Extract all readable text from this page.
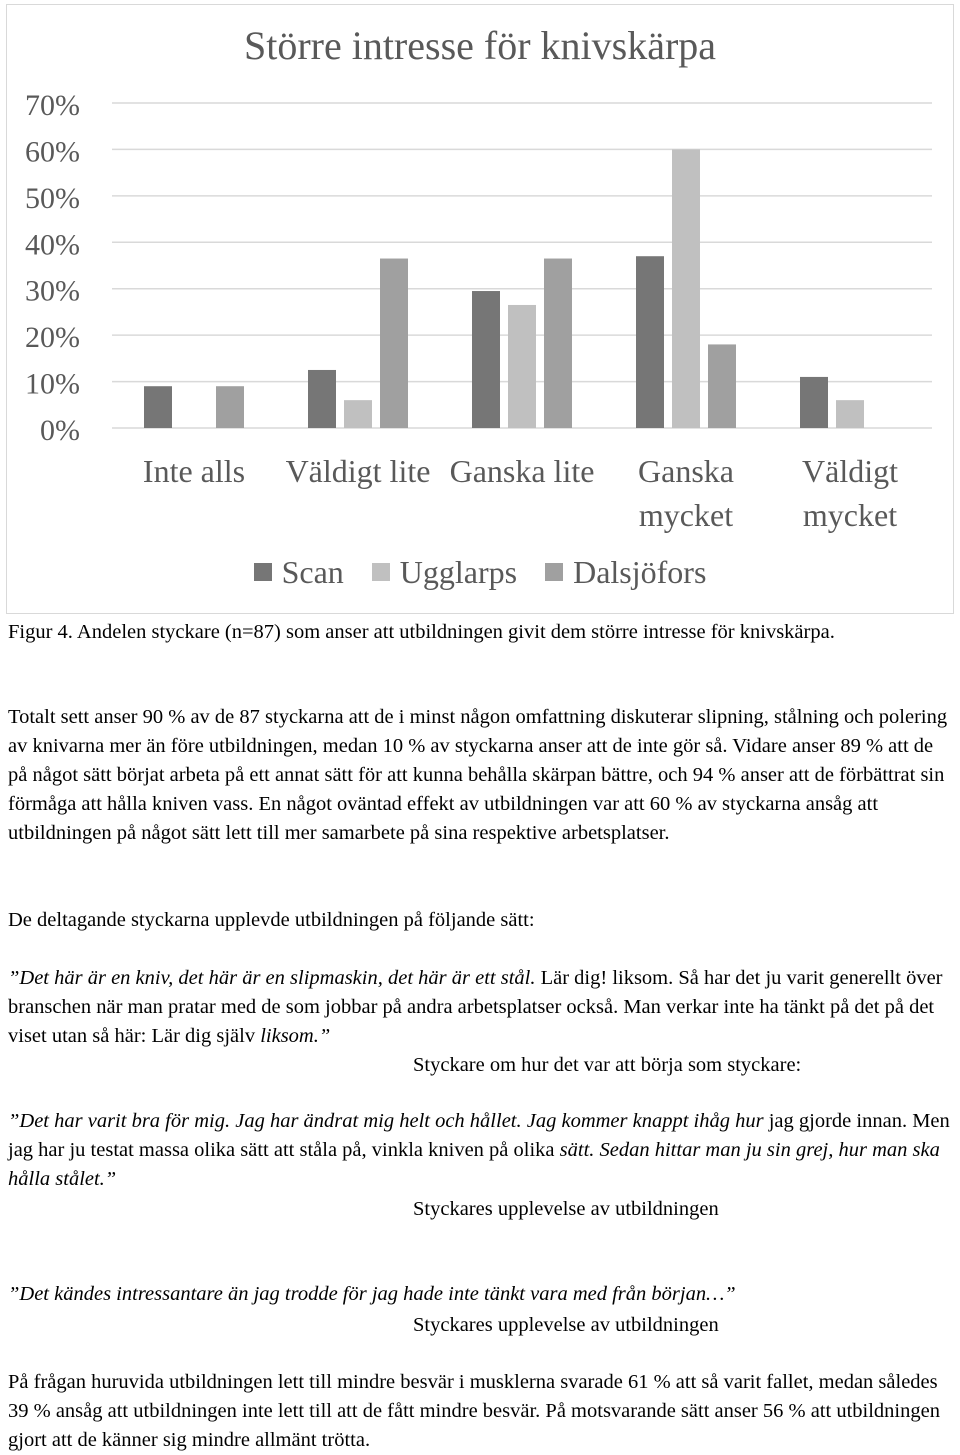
Större intresse för knivskärpa
0%
10%
20%
30%
40%
50%
60%
70%
Inte alls Väldigt lite Ganska lite Ganska
mycket
Väldigt
mycket
Scan Ugglarps Dalsjöfors
Figur 4. Andelen styckare (n=87) som anser att utbildningen givit dem större intresse för knivskärpa.
Totalt sett anser 90 % av de 87 styckarna att de i minst någon omfattning diskuterar slipning, stålning och polering av knivarna mer än före utbildningen, medan 10 % av styckarna anser att de inte gör så. Vidare anser 89 % att de på något sätt börjat arbeta på ett annat sätt för att kunna behålla skärpan bättre, och 94 % anser att de förbättrat sin förmåga att hålla kniven vass. En något oväntad effekt av utbildningen var att 60 % av styckarna ansåg att utbildningen på något sätt lett till mer samarbete på sina respektive arbetsplatser.
De deltagande styckarna upplevde utbildningen på följande sätt:
”Det här är en kniv, det här är en slipmaskin, det här är ett stål. Lär dig! liksom. Så har det ju varit generellt över branschen när man pratar med de som jobbar på andra arbetsplatser också. Man verkar inte ha tänkt på det på det viset utan så här: Lär dig själv liksom.”
Styckare om hur det var att börja som styckare:
”Det har varit bra för mig. Jag har ändrat mig helt och hållet. Jag kommer knappt ihåg hur jag gjorde innan. Men jag har ju testat massa olika sätt att ståla på, vinkla kniven på olika sätt. Sedan hittar man ju sin grej, hur man ska hålla stålet.”
Styckares upplevelse av utbildningen
”Det kändes intressantare än jag trodde för jag hade inte tänkt vara med från början…”
Styckares upplevelse av utbildningen
På frågan huruvida utbildningen lett till mindre besvär i musklerna svarade 61 % att så varit fallet, medan således 39 % ansåg att utbildningen inte lett till att de fått mindre besvär. På motsvarande sätt anser 56 % att utbildningen gjort att de känner sig mindre allmänt trötta.
